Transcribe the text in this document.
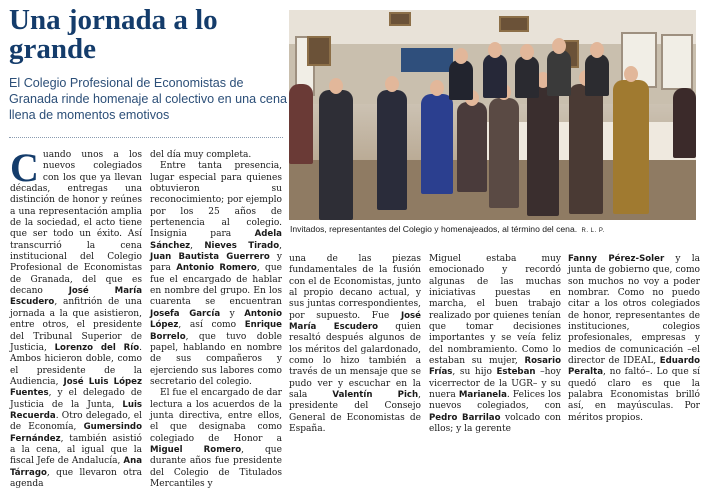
Una jornada a lo grande

El Colegio Profesional de Economistas de Granada rinde homenaje al colectivo en una cena llena de momentos emotivos

Invitados, representantes del Colegio y homenajeados, al término del cena. R. L. P.

Cuando unos a los nuevos colegiados con los que ya llevan décadas, entregas una distinción de honor y reúnes a una representación amplia de la sociedad, el acto tiene que ser todo un éxito. Así transcurrió la cena institucional del Colegio Profesional de Economistas de Granada, del que es decano José María Escudero, anfitrión de una jornada a la que asistieron, entre otros, el presidente del Tribunal Superior de Justicia, Lorenzo del Río. Ambos hicieron doble, como el presidente de la Audiencia, José Luis López Fuentes, y el delegado de Justicia de la Junta, Luis Recuerda. Otro delegado, el de Economía, Gumersindo Fernández, también asistió a la cena, al igual que la fiscal Jefe de Andalucía, Ana Tárrago, que llevaron otra agenda

del día muy completa.

Entre tanta presencia, lugar especial para quienes obtuvieron su reconocimiento; por ejemplo por los 25 años de pertenencia al colegio. Insignia para Adela Sánchez, Nieves Tirado, Juan Bautista Guerrero y para Antonio Romero, que fue el encargado de hablar en nombre del grupo. En los cuarenta se encuentran Josefa García y Antonio López, así como Enrique Borrelo, que tuvo doble papel, hablando en nombre de sus compañeros y ejerciendo sus labores como secretario del colegio.

El fue el encargado de dar lectura a los acuerdos de la junta directiva, entre ellos, el que designaba como colegiado de Honor a Miguel Romero, que durante años fue presidente del Colegio de Titulados Mercantiles y

una de las piezas fundamentales de la fusión con el de Economistas, junto al propio decano actual, y sus juntas correspondientes, por supuesto. Fue José María Escudero quien resaltó después algunos de los méritos del galardonado, como lo hizo también a través de un mensaje que se pudo ver y escuchar en la sala Valentín Pich, presidente del Consejo General de Economistas de España.

Miguel estaba muy emocionado y recordó algunas de las muchas iniciativas puestas en marcha, el buen trabajo realizado por quienes tenían que tomar decisiones importantes y se veía feliz del nombramiento. Como lo estaban su mujer, Rosario Frías, su hijo Esteban –hoy vicerrector de la UGR– y su nuera Marianela. Felices los nuevos colegiados, con Pedro Barrilao volcado con ellos; y la gerente

Fanny Pérez-Soler y la junta de gobierno que, como son muchos no voy a poder nombrar. Como no puedo citar a los otros colegiados de honor, representantes de instituciones, colegios profesionales, empresas y medios de comunicación –el director de IDEAL, Eduardo Peralta, no faltó–. Lo que sí quedó claro es que la palabra Economistas brilló así, en mayúsculas. Por méritos propios.
